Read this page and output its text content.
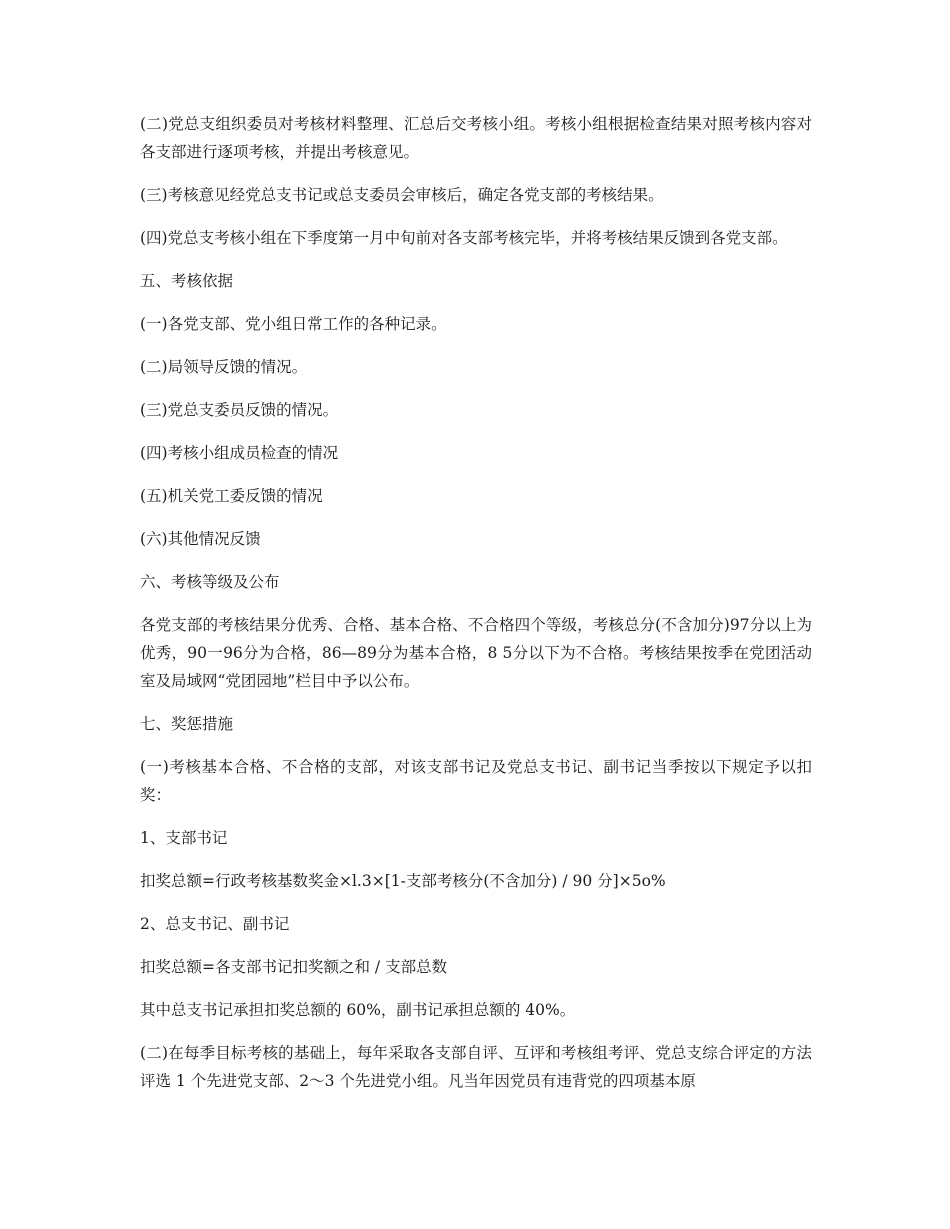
(二)党总支组织委员对考核材料整理、汇总后交考核小组。考核小组根据检查结果对照考核内容对各支部进行逐项考核，并提出考核意见。

(三)考核意见经党总支书记或总支委员会审核后，确定各党支部的考核结果。

(四)党总支考核小组在下季度第一月中旬前对各支部考核完毕，并将考核结果反馈到各党支部。

五、考核依据

(一)各党支部、党小组日常工作的各种记录。

(二)局领导反馈的情况。

(三)党总支委员反馈的情况。

(四)考核小组成员检查的情况

(五)机关党工委反馈的情况

(六)其他情况反馈

六、考核等级及公布

各党支部的考核结果分优秀、合格、基本合格、不合格四个等级，考核总分(不含加分)97分以上为优秀，90一96分为合格，86—89分为基本合格，8 5分以下为不合格。考核结果按季在党团活动室及局域网“党团园地”栏目中予以公布。

七、奖惩措施

(一)考核基本合格、不合格的支部，对该支部书记及党总支书记、副书记当季按以下规定予以扣奖：

1、支部书记

扣奖总额=行政考核基数奖金×l.3×[1-支部考核分(不含加分) / 90 分]×5o%

2、总支书记、副书记

扣奖总额=各支部书记扣奖额之和 / 支部总数

其中总支书记承担扣奖总额的 60%，副书记承担总额的 40%。

(二)在每季目标考核的基础上，每年采取各支部自评、互评和考核组考评、党总支综合评定的方法评选 1 个先进党支部、2～3 个先进党小组。凡当年因党员有违背党的四项基本原
